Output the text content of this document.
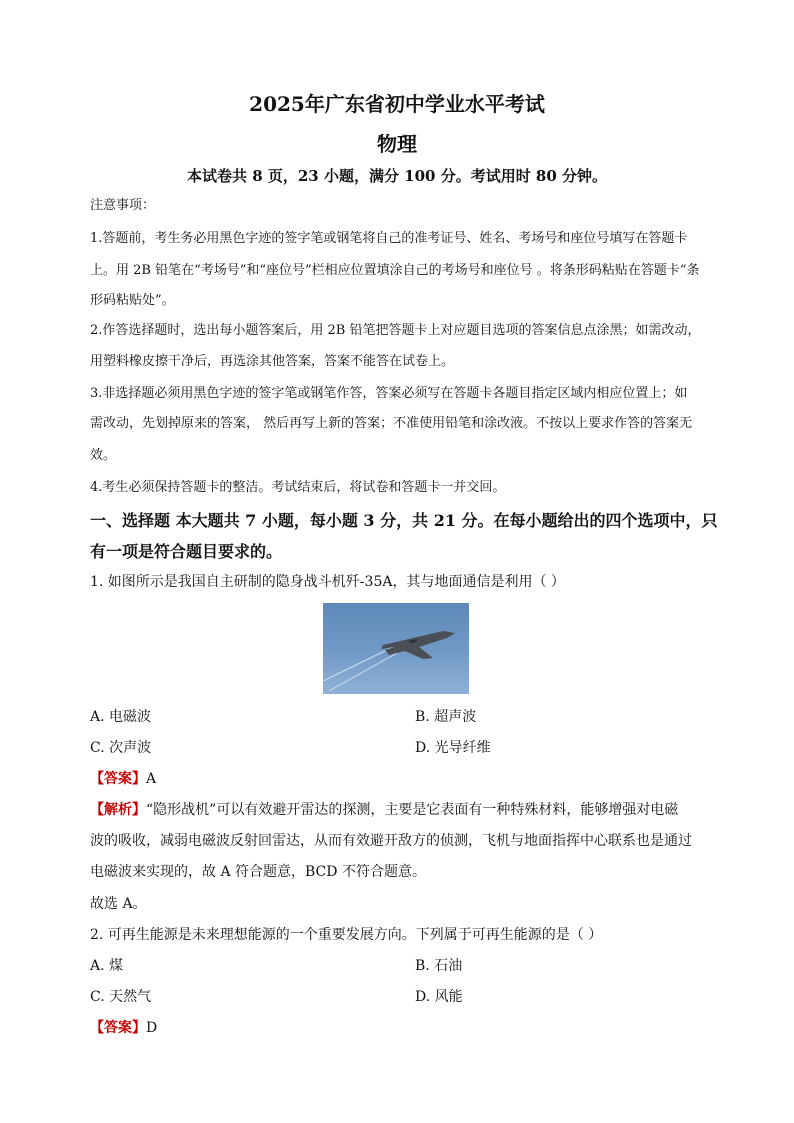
2025年广东省初中学业水平考试
物理
本试卷共 8 页，23 小题，满分 100 分。考试用时 80 分钟。
注意事项：
1.答题前，考生务必用黑色字迹的签字笔或钢笔将自己的准考证号、姓名、考场号和座位号填写在答题卡
上。用 2B 铅笔在“考场号”和“座位号”栏相应位置填涂自己的考场号和座位号 。将条形码粘贴在答题卡“条
形码粘贴处”。
2.作答选择题时，选出每小题答案后，用 2B 铅笔把答题卡上对应题目选项的答案信息点涂黑；如需改动，
用塑料橡皮擦干净后，再选涂其他答案，答案不能答在试卷上。
3.非选择题必须用黑色字迹的签字笔或钢笔作答，答案必须写在答题卡各题目指定区域内相应位置上；如
需改动，先划掉原来的答案， 然后再写上新的答案；不准使用铅笔和涂改液。不按以上要求作答的答案无
效。
4.考生必须保持答题卡的整洁。考试结束后，将试卷和答题卡一并交回。
一、选择题 本大题共 7 小题，每小题 3 分，共 21 分。在每小题给出的四个选项中，只
有一项是符合题目要求的。
1. 如图所示是我国自主研制的隐身战斗机歼-35A，其与地面通信是利用（ ）
A. 电磁波	B. 超声波
C. 次声波	D. 光导纤维
【答案】A
【解析】“隐形战机”可以有效避开雷达的探测，主要是它表面有一种特殊材料，能够增强对电磁
波的吸收，减弱电磁波反射回雷达，从而有效避开敌方的侦测，飞机与地面指挥中心联系也是通过
电磁波来实现的，故 A 符合题意，BCD 不符合题意。
故选 A。
2. 可再生能源是未来理想能源的一个重要发展方向。下列属于可再生能源的是（ ）
A. 煤	B. 石油
C. 天然气	D. 风能
【答案】D
